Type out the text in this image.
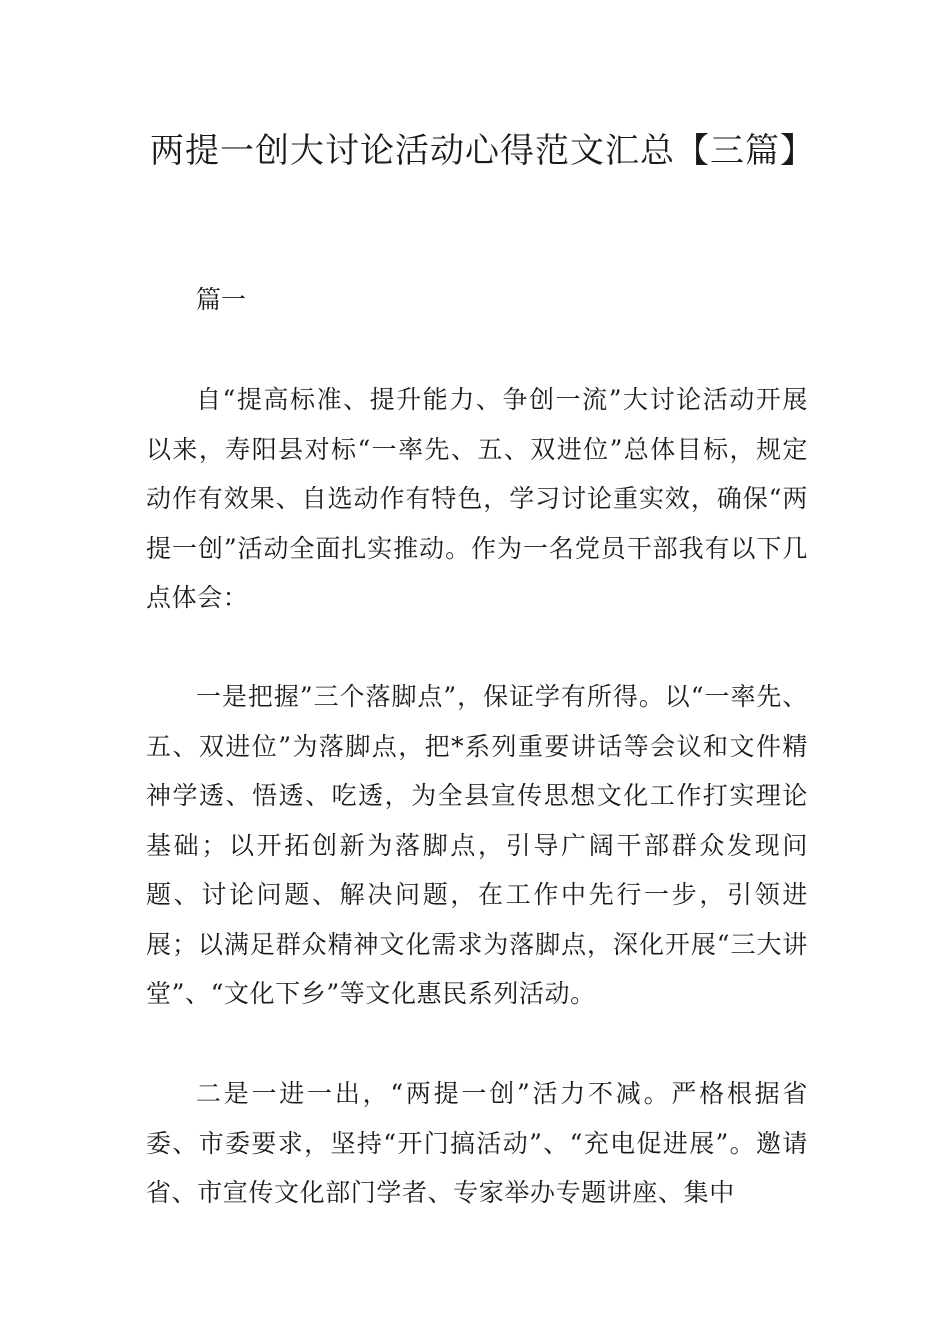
两提一创大讨论活动心得范文汇总【三篇】

篇一

自“提高标准、提升能力、争创一流”大讨论活动开展以来，寿阳县对标“一率先、五、双进位”总体目标，规定动作有效果、自选动作有特色，学习讨论重实效，确保“两提一创”活动全面扎实推动。作为一名党员干部我有以下几点体会：

一是把握”三个落脚点”，保证学有所得。以“一率先、五、双进位”为落脚点，把*系列重要讲话等会议和文件精神学透、悟透、吃透，为全县宣传思想文化工作打实理论基础；以开拓创新为落脚点，引导广阔干部群众发现问题、讨论问题、解决问题，在工作中先行一步，引领进展；以满足群众精神文化需求为落脚点，深化开展“三大讲堂”、“文化下乡”等文化惠民系列活动。

二是一进一出，“两提一创”活力不减。严格根据省委、市委要求，坚持“开门搞活动”、“充电促进展”。邀请省、市宣传文化部门学者、专家举办专题讲座、集中
